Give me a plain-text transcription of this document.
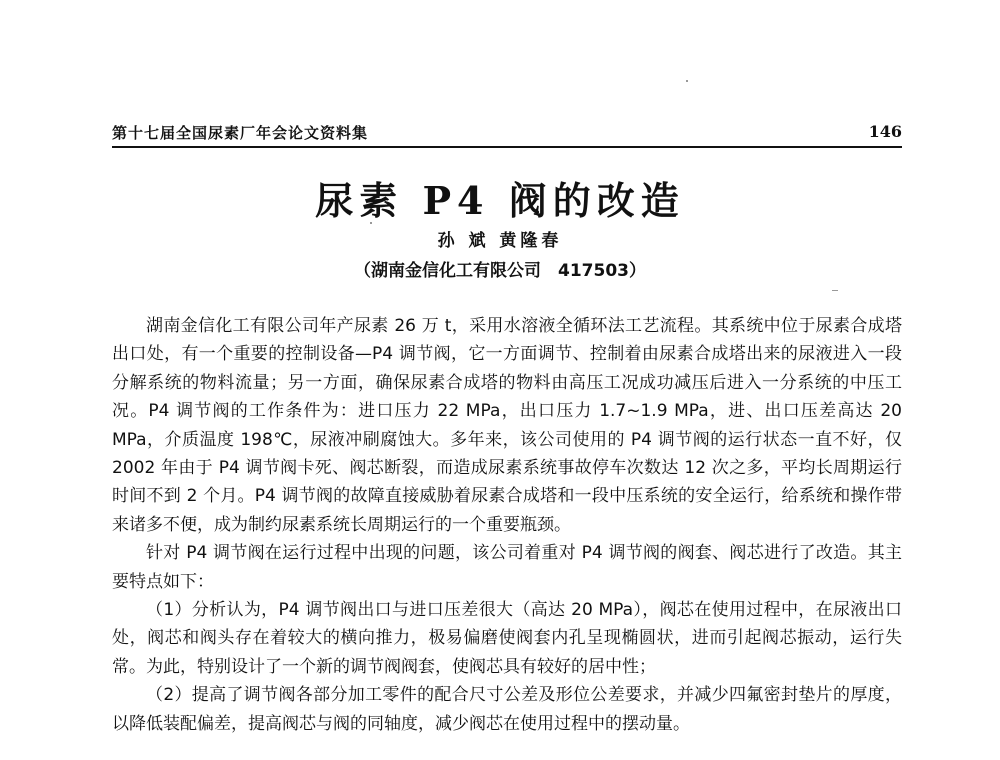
第十七届全国尿素厂年会论文资料集	146
尿素 P4 阀的改造
孙 斌 黄隆春
（湖南金信化工有限公司　417503）

湖南金信化工有限公司年产尿素 26 万 t，采用水溶液全循环法工艺流程。其系统中位于尿素合成塔出口处，有一个重要的控制设备—P4 调节阀，它一方面调节、控制着由尿素合成塔出来的尿液进入一段分解系统的物料流量；另一方面，确保尿素合成塔的物料由高压工况成功减压后进入一分系统的中压工况。P4 调节阀的工作条件为：进口压力 22 MPa，出口压力 1.7~1.9 MPa，进、出口压差高达 20 MPa，介质温度 198℃，尿液冲刷腐蚀大。多年来，该公司使用的 P4 调节阀的运行状态一直不好，仅 2002 年由于 P4 调节阀卡死、阀芯断裂，而造成尿素系统事故停车次数达 12 次之多，平均长周期运行时间不到 2 个月。P4 调节阀的故障直接威胁着尿素合成塔和一段中压系统的安全运行，给系统和操作带来诸多不便，成为制约尿素系统长周期运行的一个重要瓶颈。

针对 P4 调节阀在运行过程中出现的问题，该公司着重对 P4 调节阀的阀套、阀芯进行了改造。其主要特点如下：

（1）分析认为，P4 调节阀出口与进口压差很大（高达 20 MPa），阀芯在使用过程中，在尿液出口处，阀芯和阀头存在着较大的横向推力，极易偏磨使阀套内孔呈现椭圆状，进而引起阀芯振动，运行失常。为此，特别设计了一个新的调节阀阀套，使阀芯具有较好的居中性；

（2）提高了调节阀各部分加工零件的配合尺寸公差及形位公差要求，并减少四氟密封垫片的厚度，以降低装配偏差，提高阀芯与阀的同轴度，减少阀芯在使用过程中的摆动量。
